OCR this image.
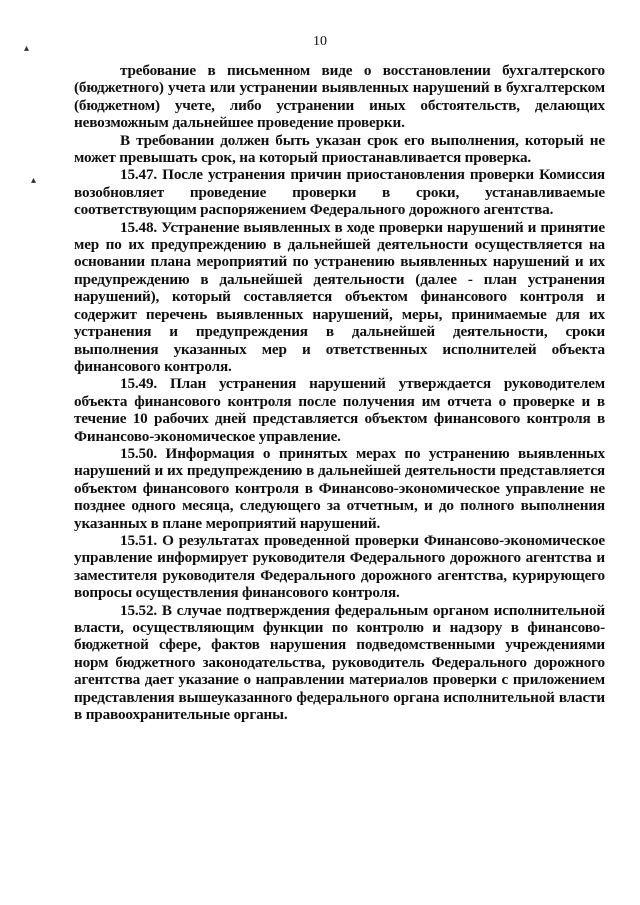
10
▴
▴

требование в письменном виде о восстановлении бухгалтерского (бюджетного) учета или устранении выявленных нарушений в бухгалтерском (бюджетном) учете, либо устранении иных обстоятельств, делающих невозможным дальнейшее проведение проверки.

В требовании должен быть указан срок его выполнения, который не может превышать срок, на который приостанавливается проверка.

15.47. После устранения причин приостановления проверки Комиссия возобновляет проведение проверки в сроки, устанавливаемые соответствующим распоряжением Федерального дорожного агентства.

15.48. Устранение выявленных в ходе проверки нарушений и принятие мер по их предупреждению в дальнейшей деятельности осуществляется на основании плана мероприятий по устранению выявленных нарушений и их предупреждению в дальнейшей деятельности (далее - план устранения нарушений), который составляется объектом финансового контроля и содержит перечень выявленных нарушений, меры, принимаемые для их устранения и предупреждения в дальнейшей деятельности, сроки выполнения указанных мер и ответственных исполнителей объекта финансового контроля.

15.49. План устранения нарушений утверждается руководителем объекта финансового контроля после получения им отчета о проверке и в течение 10 рабочих дней представляется объектом финансового контроля в Финансово-экономическое управление.

15.50. Информация о принятых мерах по устранению выявленных нарушений и их предупреждению в дальнейшей деятельности представляется объектом финансового контроля в Финансово-экономическое управление не позднее одного месяца, следующего за отчетным, и до полного выполнения указанных в плане мероприятий нарушений.

15.51. О результатах проведенной проверки Финансово-экономическое управление информирует руководителя Федерального дорожного агентства и заместителя руководителя Федерального дорожного агентства, курирующего вопросы осуществления финансового контроля.

15.52. В случае подтверждения федеральным органом исполнительной власти, осуществляющим функции по контролю и надзору в финансово-бюджетной сфере, фактов нарушения подведомственными учреждениями норм бюджетного законодательства, руководитель Федерального дорожного агентства дает указание о направлении материалов проверки с приложением представления вышеуказанного федерального органа исполнительной власти в правоохранительные органы.
